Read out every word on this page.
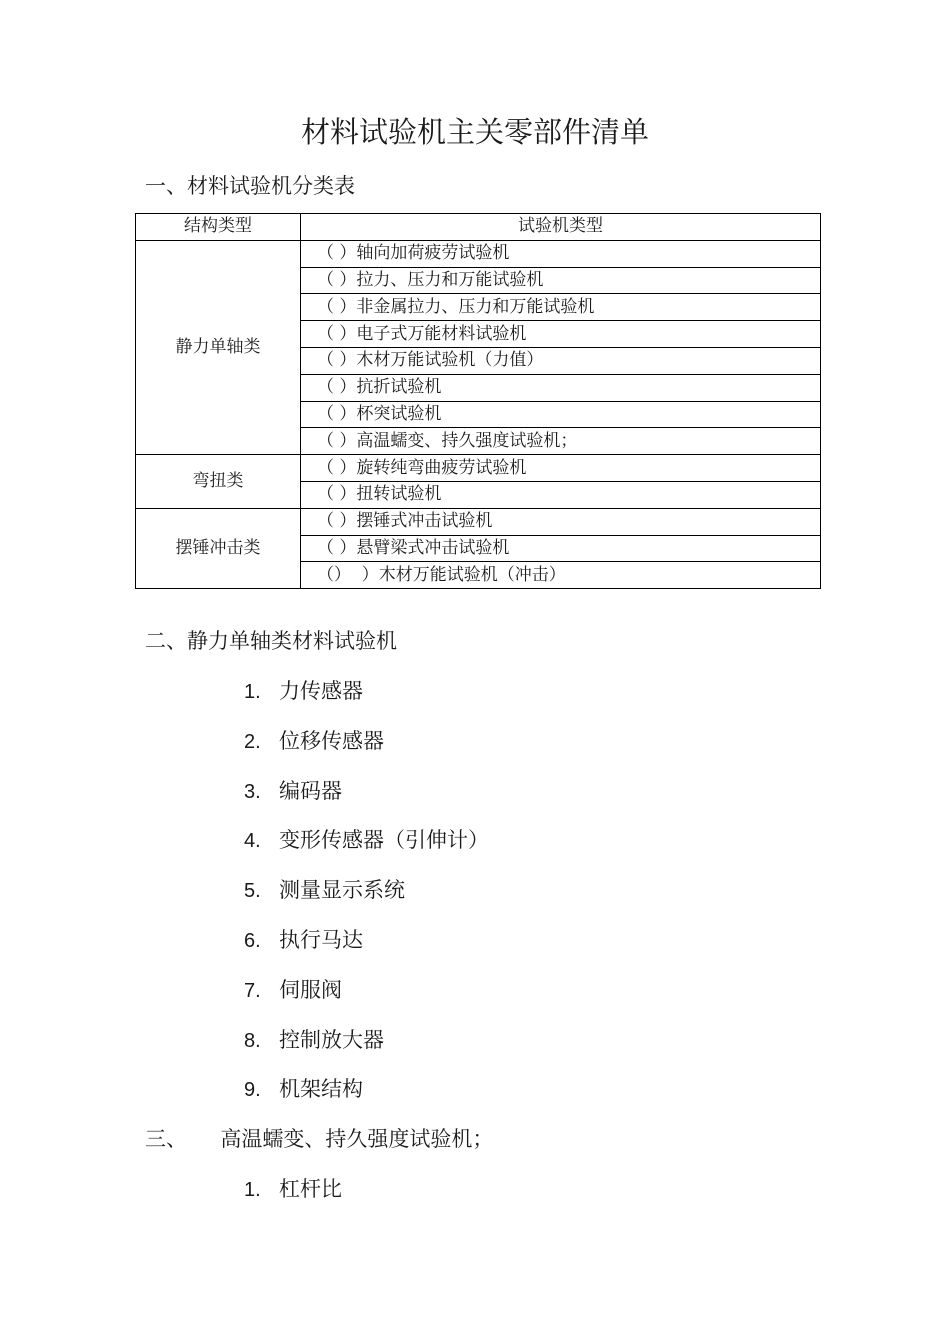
材料试验机主关零部件清单
一、材料试验机分类表
结构类型	试验机类型
静力单轴类	（ ）轴向加荷疲劳试验机
	（ ）拉力、压力和万能试验机
	（ ）非金属拉力、压力和万能试验机
	（ ）电子式万能材料试验机
	（ ）木材万能试验机（力值）
	（ ）抗折试验机
	（ ）杯突试验机
	（ ）高温蠕变、持久强度试验机；
弯扭类	（ ）旋转纯弯曲疲劳试验机
	（ ）扭转试验机
摆锤冲击类	（ ）摆锤式冲击试验机
	（ ）悬臂梁式冲击试验机
	（）  ）木材万能试验机（冲击）
二、静力单轴类材料试验机
1. 力传感器
2. 位移传感器
3. 编码器
4. 变形传感器（引伸计）
5. 测量显示系统
6. 执行马达
7. 伺服阀
8. 控制放大器
9. 机架结构
三、     高温蠕变、持久强度试验机；
1. 杠杆比
